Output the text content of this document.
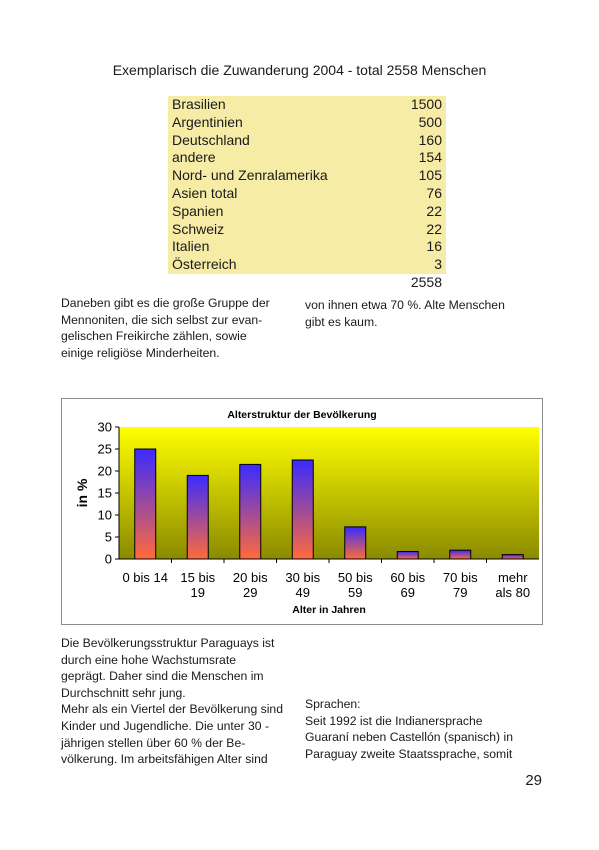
Exemplarisch die Zuwanderung 2004 - total 2558 Menschen
Brasilien	1500
Argentinien	500
Deutschland	160
andere	154
Nord- und Zenralamerika	105
Asien total	76
Spanien	22
Schweiz	22
Italien	16
Österreich	3
	2558

Daneben gibt es die große Gruppe der

Mennoniten, die sich selbst zur evan-

gelischen Freikirche zählen, sowie

einige religiöse Minderheiten.

von ihnen etwa 70 %. Alte Menschen

gibt es kaum.

0
5
10
15
20
25
30
0 bis 14 15 bis
19
20 bis
29
30 bis
49
50 bis
59
60 bis
69
70 bis
79
mehr
als 80
Alterstruktur der Bevölkerung
Alter in Jahren
in %

Die Bevölkerungsstruktur Paraguays ist

durch eine hohe Wachstumsrate

geprägt. Daher sind die Menschen im

Durchschnitt sehr jung.

Mehr als ein Viertel der Bevölkerung sind

Kinder und Jugendliche. Die unter 30 -

jährigen stellen über 60 % der Be-

völkerung. Im arbeitsfähigen Alter sind

Sprachen:

Seit 1992 ist die Indianersprache

Guaraní neben Castellón (spanisch) in

Paraguay zweite Staatssprache, somit

29
